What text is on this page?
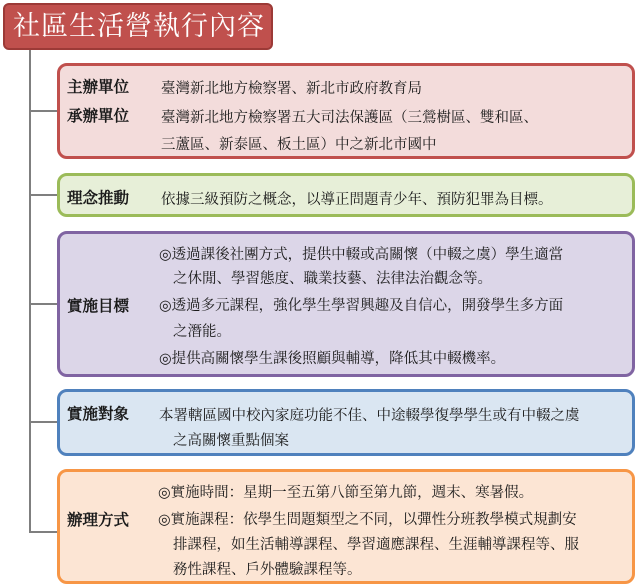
社區生活營執行內容
主辦單位 臺灣新北地方檢察署、新北市政府教育局
承辦單位 臺灣新北地方檢察署五大司法保護區（三鶯樹區、雙和區、
三蘆區、新泰區、板土區）中之新北市國中
理念推動 依據三級預防之概念，以導正問題青少年、預防犯罪為目標。
實施目標
◎透過課後社團方式，提供中輟或高關懷（中輟之虞）學生適當
之休閒、學習態度、職業技藝、法律法治觀念等。
◎透過多元課程，強化學生學習興趣及自信心，開發學生多方面
之潛能。
◎提供高關懷學生課後照顧與輔導，降低其中輟機率。
實施對象 本署轄區國中校內家庭功能不佳、中途輟學復學學生或有中輟之虞
之高關懷重點個案
辦理方式
◎實施時間：星期一至五第八節至第九節，週末、寒暑假。
◎實施課程：依學生問題類型之不同，以彈性分班教學模式規劃安
排課程，如生活輔導課程、學習適應課程、生涯輔導課程等、服
務性課程、戶外體驗課程等。
